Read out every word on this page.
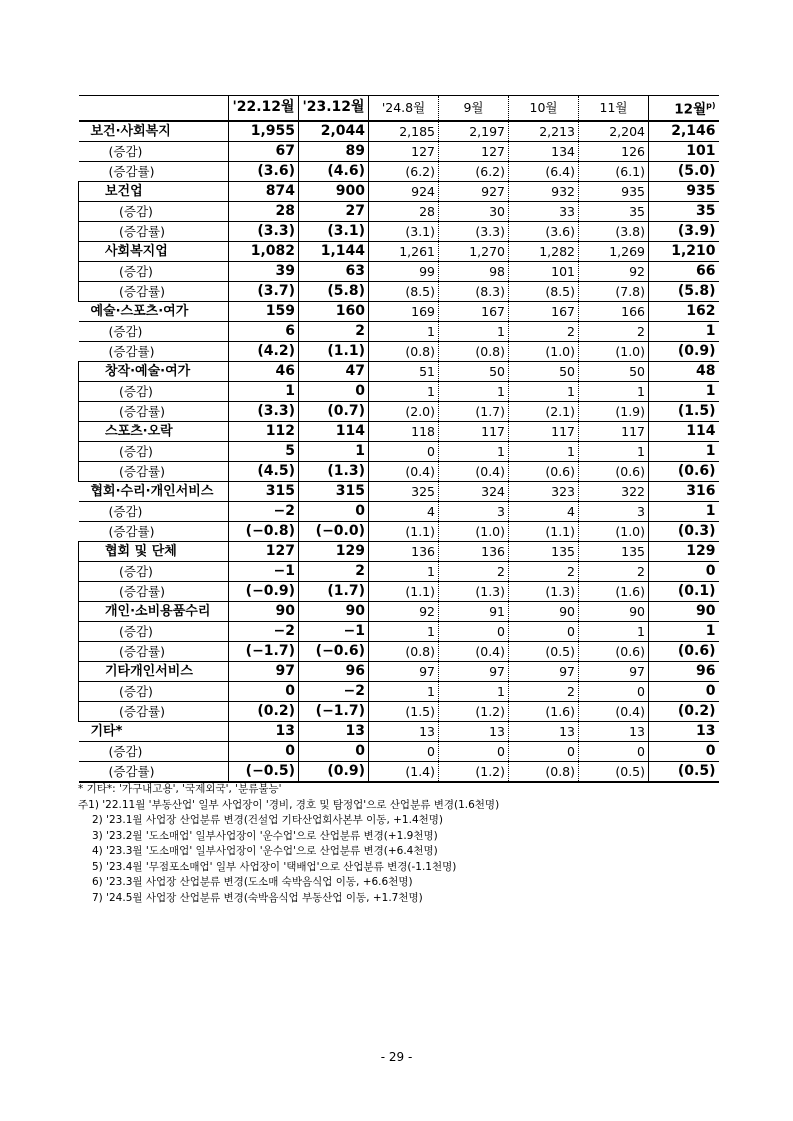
	'22.12월	'23.12월	'24.8월	9월	10월	11월	12월$^{p)}$
보건·사회복지	1,955	2,044	2,185	2,197	2,213	2,204	2,146
(증감)	67	89	127	127	134	126	101
(증감률)	(3.6)	(4.6)	(6.2)	(6.2)	(6.4)	(6.1)	(5.0)
보건업	874	900	924	927	932	935	935
(증감)	28	27	28	30	33	35	35
(증감률)	(3.3)	(3.1)	(3.1)	(3.3)	(3.6)	(3.8)	(3.9)
사회복지업	1,082	1,144	1,261	1,270	1,282	1,269	1,210
(증감)	39	63	99	98	101	92	66
(증감률)	(3.7)	(5.8)	(8.5)	(8.3)	(8.5)	(7.8)	(5.8)
예술·스포츠·여가	159	160	169	167	167	166	162
(증감)	6	2	1	1	2	2	1
(증감률)	(4.2)	(1.1)	(0.8)	(0.8)	(1.0)	(1.0)	(0.9)
창작·예술·여가	46	47	51	50	50	50	48
(증감)	1	0	1	1	1	1	1
(증감률)	(3.3)	(0.7)	(2.0)	(1.7)	(2.1)	(1.9)	(1.5)
스포츠·오락	112	114	118	117	117	117	114
(증감)	5	1	0	1	1	1	1
(증감률)	(4.5)	(1.3)	(0.4)	(0.4)	(0.6)	(0.6)	(0.6)
협회·수리·개인서비스	315	315	325	324	323	322	316
(증감)	−2	0	4	3	4	3	1
(증감률)	(−0.8)	(−0.0)	(1.1)	(1.0)	(1.1)	(1.0)	(0.3)
협회 및 단체	127	129	136	136	135	135	129
(증감)	−1	2	1	2	2	2	0
(증감률)	(−0.9)	(1.7)	(1.1)	(1.3)	(1.3)	(1.6)	(0.1)
개인·소비용품수리	90	90	92	91	90	90	90
(증감)	−2	−1	1	0	0	1	1
(증감률)	(−1.7)	(−0.6)	(0.8)	(0.4)	(0.5)	(0.6)	(0.6)
기타개인서비스	97	96	97	97	97	97	96
(증감)	0	−2	1	1	2	0	0
(증감률)	(0.2)	(−1.7)	(1.5)	(1.2)	(1.6)	(0.4)	(0.2)
기타*	13	13	13	13	13	13	13
(증감)	0	0	0	0	0	0	0
(증감률)	(−0.5)	(0.9)	(1.4)	(1.2)	(0.8)	(0.5)	(0.5)
* 기타*: '가구내고용', '국제외국', '분류불능'
주1) '22.11월 '부동산업' 일부 사업장이 '경비, 경호 및 탐정업'으로 산업분류 변경(1.6천명)
2) '23.1월 사업장 산업분류 변경(건설업 기타산업회사본부 이동, +1.4천명)
3) '23.2월 '도소매업' 일부사업장이 '운수업'으로 산업분류 변경(+1.9천명)
4) '23.3월 '도소매업' 일부사업장이 '운수업'으로 산업분류 변경(+6.4천명)
5) '23.4월 '무점포소매업' 일부 사업장이 '택배업'으로 산업분류 변경(-1.1천명)
6) '23.3월 사업장 산업분류 변경(도소매 숙박음식업 이동, +6.6천명)
7) '24.5월 사업장 산업분류 변경(숙박음식업 부동산업 이동, +1.7천명)
- 29 -
